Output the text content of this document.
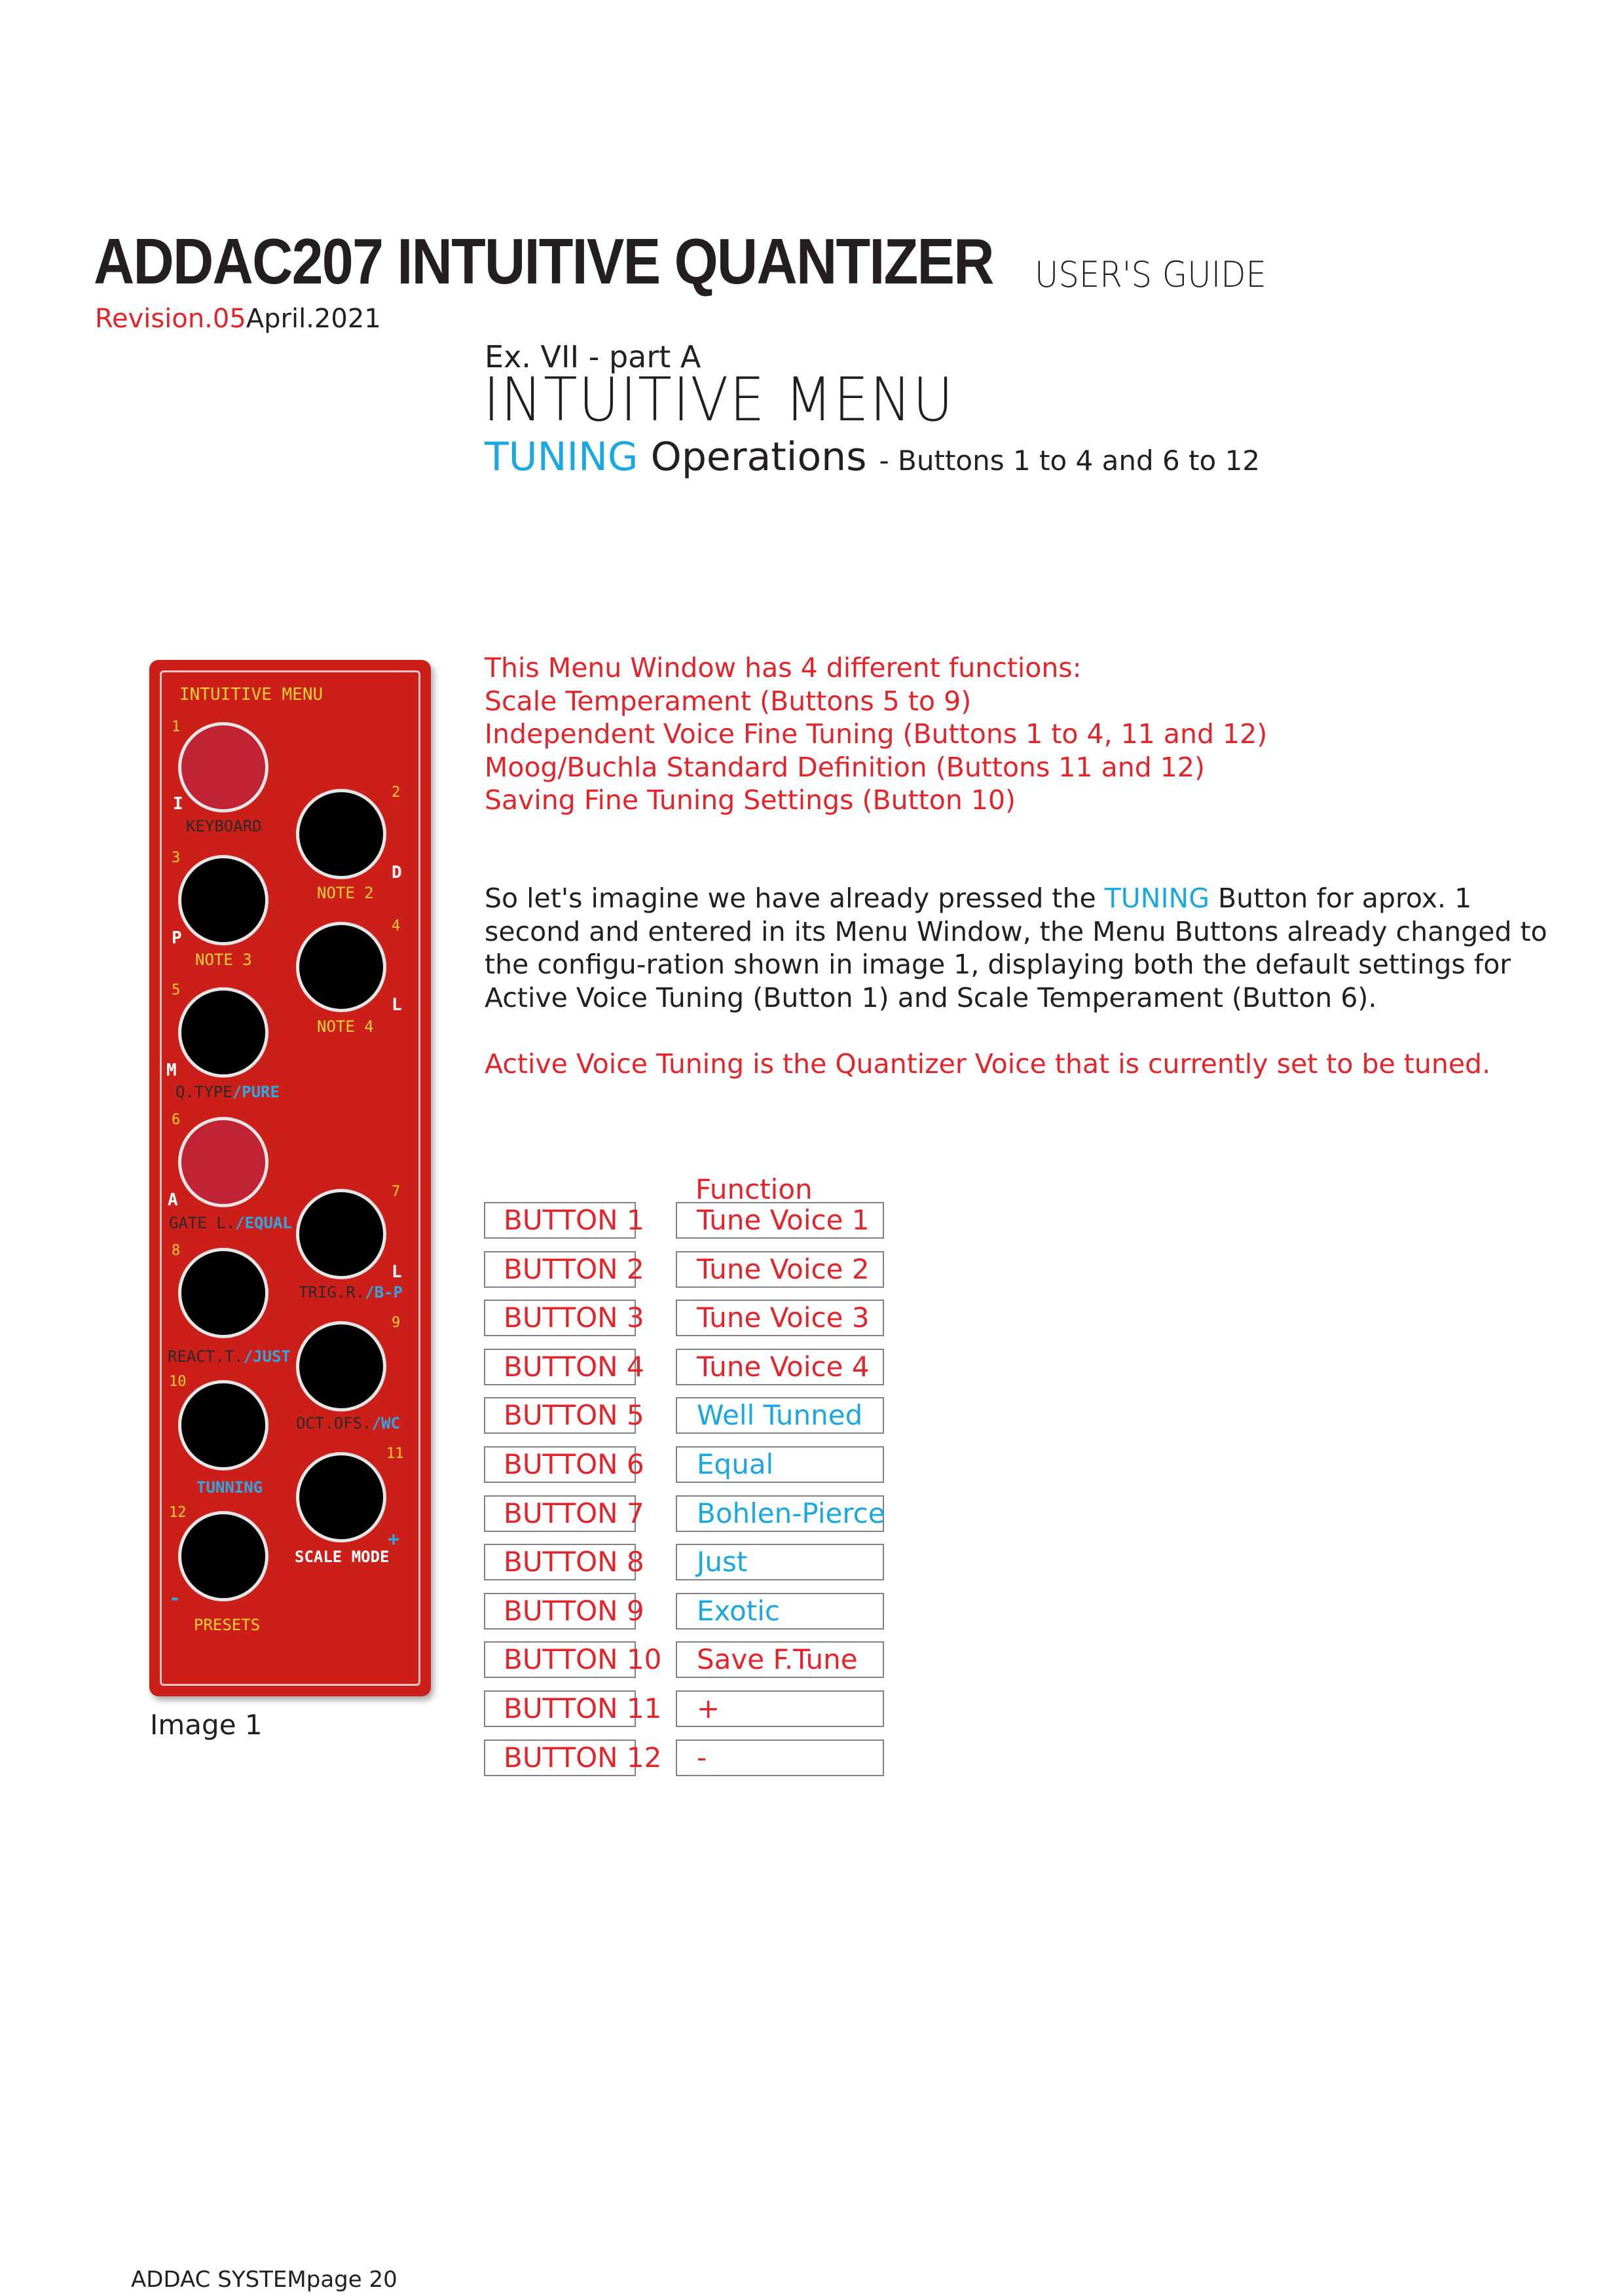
ADDAC207 INTUITIVE QUANTIZER USER'S GUIDE
Revision.05April.2021
Ex. VII - part A
INTUITIVE MENU
TUNING Operations - Buttons 1 to 4 and 6 to 12
This Menu Window has 4 different functions:
Scale Temperament (Buttons 5 to 9)
Independent Voice Fine Tuning (Buttons 1 to 4, 11 and 12)
Moog/Buchla Standard Definition (Buttons 11 and 12)
Saving Fine Tuning Settings (Button 10)
So let's imagine we have already pressed the TUNING Button for aprox. 1 second and entered in its Menu Window, the Menu Buttons already changed to the configu-ration shown in image 1, displaying both the default settings for Active Voice Tuning (Button 1) and Scale Temperament (Button 6).
Active Voice Tuning is the Quantizer Voice that is currently set to be tuned.
INTUITIVE MENU
1
I
KEYBOARD
2
D
NOTE 2
3
P
NOTE 3
4
L
NOTE 4
5
M
Q.TYPE/PURE
6
A
GATE L./EQUAL
7
L
TRIG.R./B-P
8
REACT.T./JUST
9
OCT.OFS./WC
10
TUNNING
11
+
SCALE MODE
12
-
PRESETS
Image 1
Function
BUTTON 1	Tune Voice 1
BUTTON 2	Tune Voice 2
BUTTON 3	Tune Voice 3
BUTTON 4	Tune Voice 4
BUTTON 5	Well Tunned
BUTTON 6	Equal
BUTTON 7	Bohlen-Pierce
BUTTON 8	Just
BUTTON 9	Exotic
BUTTON 10	Save F.Tune
BUTTON 11	+
BUTTON 12	-
ADDAC SYSTEMpage 20
